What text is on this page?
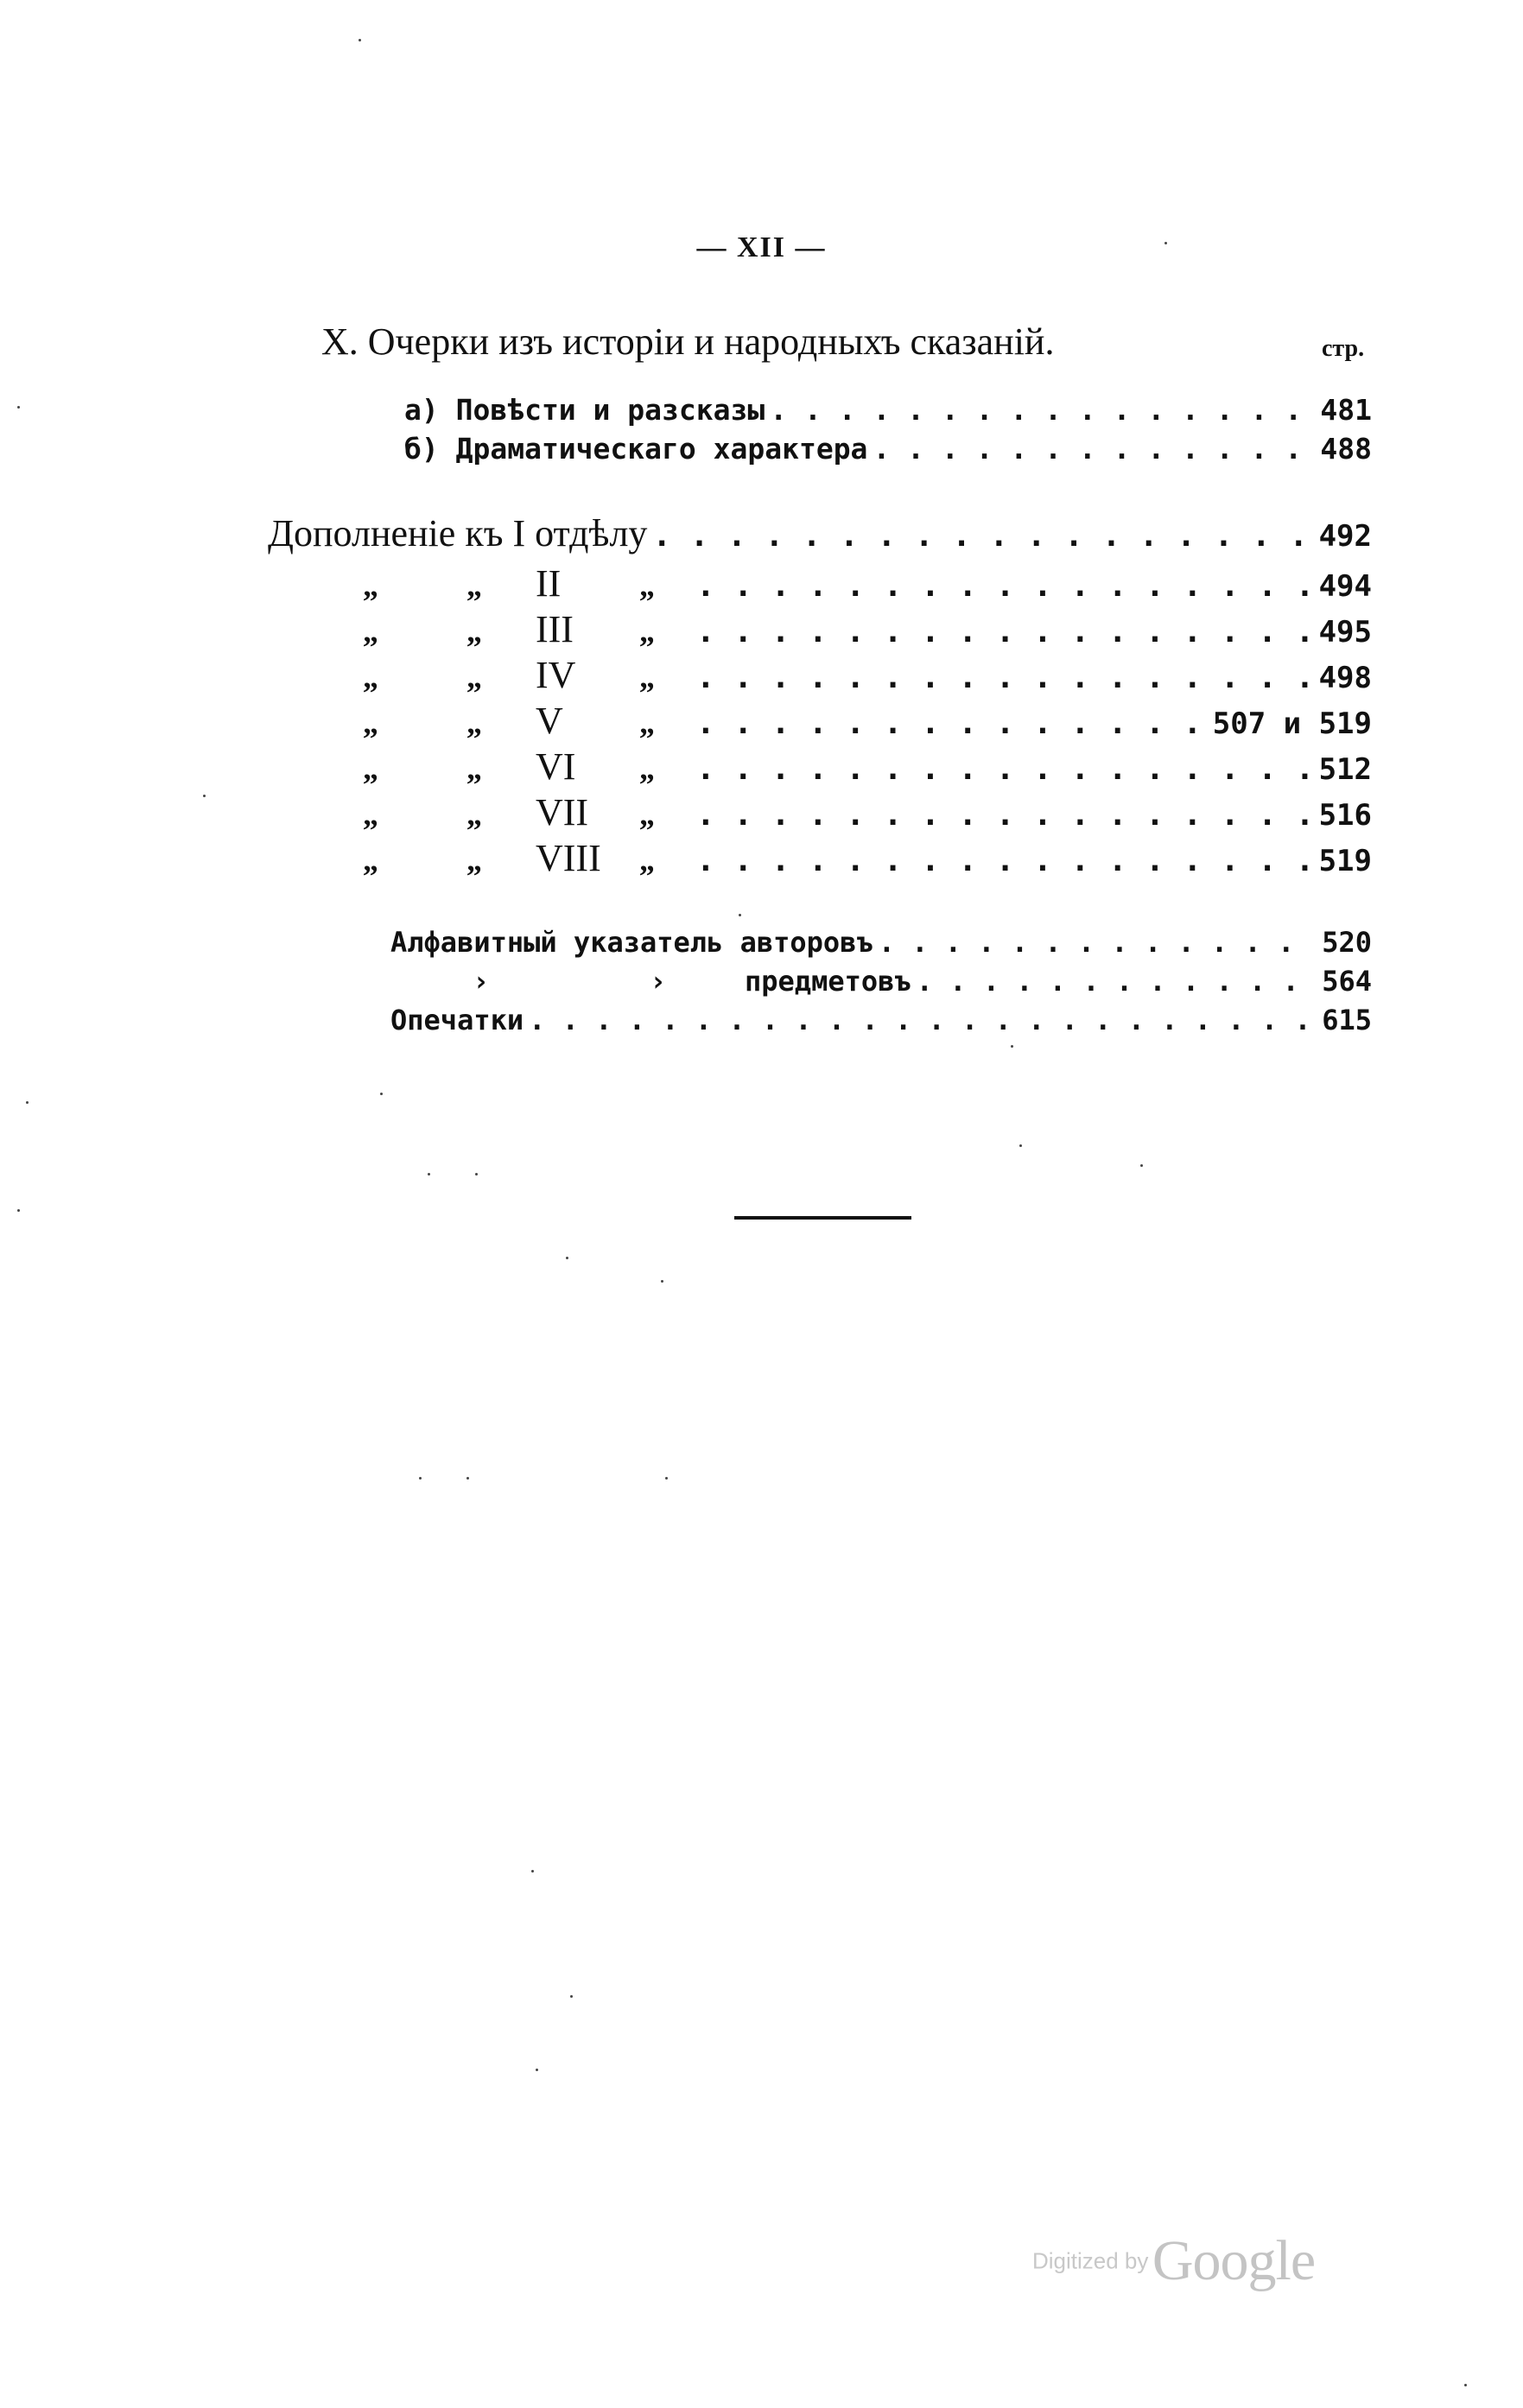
— XII —
X. Очерки изъ исторіи и народныхъ сказаній.	стр.
а) Повѣсти и разсказы . . .	481
б) Драматическаго характера . . .	488
Дополненіе къ I отдѣлу . . .	492
„	„	II	„ . . .	494
„	„	III	„ . . .	495
„	„	IV	„ . . .	498
„	„	V	„ . . .	507 и 519
„	„	VI	„ . . .	512
„	„	VII	„ . . .	516
„	„	VIII	„ . . .	519
Алфавитный указатель авторовъ . . .	520
›	›	предметовъ . . .	564
Опечатки . . .	615
Digitized by Google
